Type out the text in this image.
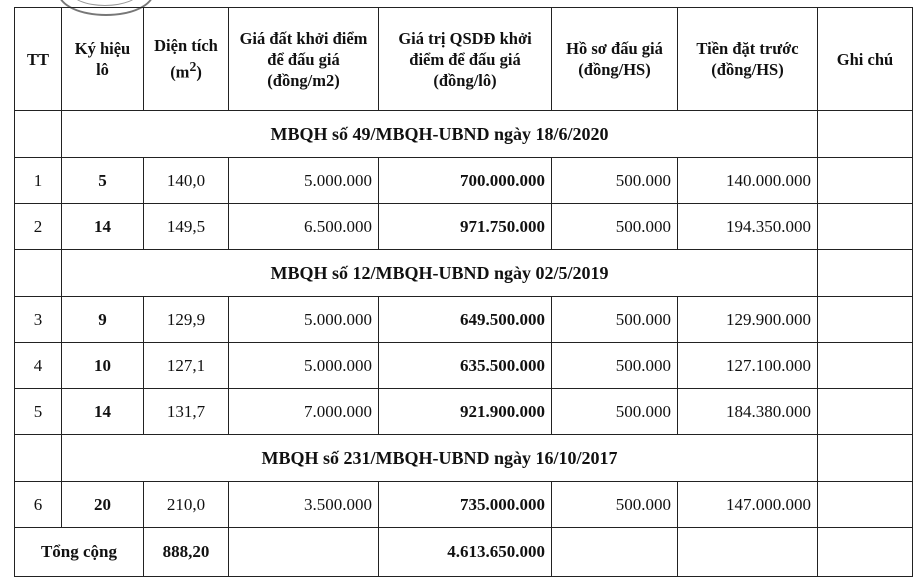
TT	Ký hiệu lô	Diện tích $(m^2)$	Giá đất khởi điểm để đấu giá (đồng/m2)	Giá trị QSDĐ khởi điểm để đấu giá (đồng/lô)	Hồ sơ đấu giá (đồng/HS)	Tiền đặt trước (đồng/HS)	Ghi chú
	MBQH số 49/MBQH-UBND ngày 18/6/2020						
1	5	140,0	5.000.000	700.000.000	500.000	140.000.000	
2	14	149,5	6.500.000	971.750.000	500.000	194.350.000	
	MBQH số 12/MBQH-UBND ngày 02/5/2019						
3	9	129,9	5.000.000	649.500.000	500.000	129.900.000	
4	10	127,1	5.000.000	635.500.000	500.000	127.100.000	
5	14	131,7	7.000.000	921.900.000	500.000	184.380.000	
	MBQH số 231/MBQH-UBND ngày 16/10/2017						
6	20	210,0	3.500.000	735.000.000	500.000	147.000.000	
Tổng cộng		888,20		4.613.650.000			
